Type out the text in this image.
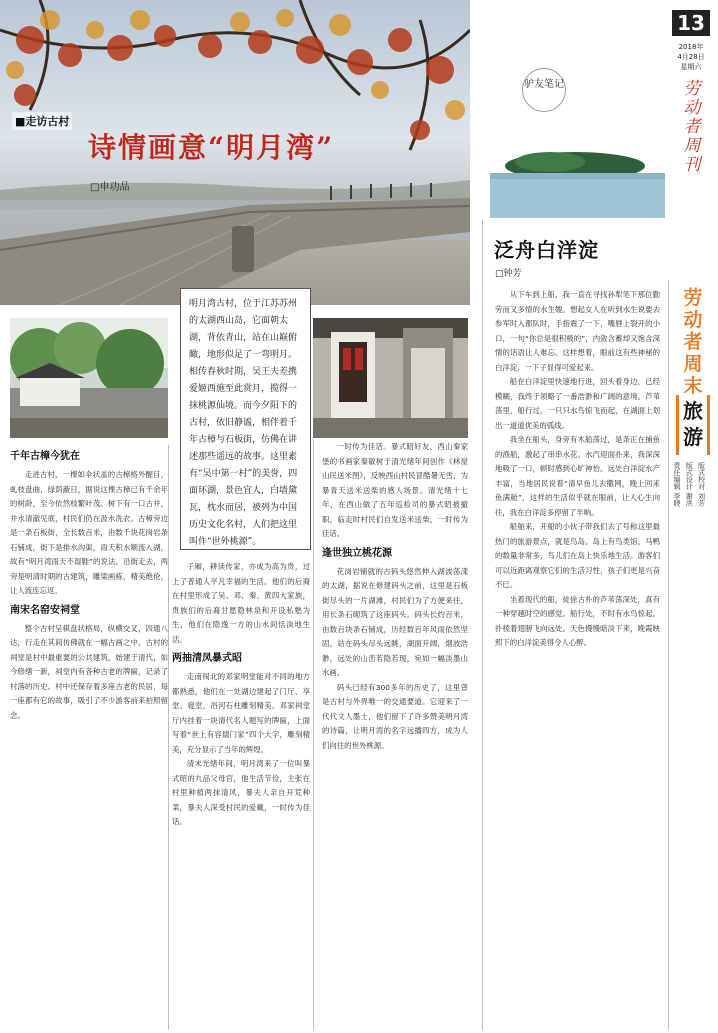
■走访古村
诗情画意“明月湾”
□申功品
13
2018年
4月28日
星期六
劳动者周刊
驴友笔记
泛舟白洋淀
□钟芳
劳动者周末
旅游
责任编辑 李晓 版式设计 谢洪 版式校对 刘芳
明月湾古村，位于江苏苏州的太湖西山岛，它面朝太湖，背依青山，站在山巅俯瞰，地形似足了一弯明月。相传春秋时期，吴王夫差携爱姬西施至此赏月，揽得一抹桃源仙境。而今夕阳下的古村，依旧静谧，相伴着千年古樟与石板街，仿佛在讲述那些遥远的故事。这里素有“吴中第一村”的美誉，四面环湖，景色宜人，白墙黛瓦，枕水而居，被列为中国历史文化名村，人们把这里叫作“世外桃源”。
千年古樟今犹在

走进古村，一棵如伞状盖的古樟格外醒目，虬枝盘曲，绿荫蔽日，据说这棵古樟已有千余年的树龄，至今依然枝繁叶茂。树下有一口古井，井水清澈见底，村民们仍在汲水洗衣。古樟旁边是一条石板街，全长数百米，由数千块花岗岩条石铺成，街下是排水沟渠，雨天积水顺流入湖，故有“明月湾雨天不湿鞋”的说法。沿街走去，两旁是明清时期的古建筑，雕梁画栋，精美绝伦，让人流连忘返。

南宋名窑安祠堂

整个古村呈棋盘状格局，纵横交叉，四通八达，行走在其间仿佛就在一幅古画之中。古村的祠堂是村中最重要的公共建筑，始建于清代，如今修缮一新，祠堂内有各种古老的牌匾，记录了村落的历史。村中还保存着多座古老的民居，每一座都有它的故事，吸引了不少游客前来拍照留念。

子厢，耕读传家，亦成为高为贵，过上了普通人平凡幸福的生活。他们的后裔在村里形成了吴、邓、秦、黄四大家族，贵族们的后裔甘愿隐林泉和开设私塾为生，他们在隐逸一方的山水间恬淡地生活。

两抽清凤暴式昭

走南闯北的邓家明堂能对不同的地方都熟悉，他们在一处湖边建起了门厅、享堂、寝堂，浴河石柱雕刻精美。邓家祠堂厅内挂着一块清代名人题写的牌匾，上面写着“世上有容德门家”四个大字，雕刻精美，充分显示了当年的辉煌。

清末光绪年间，明月湾来了一位叫暴式昭的九品父母官，他生活节俭，主张在村里种植两抹清风，暴夫人亲自开荒种菜，暴夫人深受村民的爱戴，一时传为佳话。

一时传为佳话。暴式昭好友，西山秦家堡的书画家秦敏树于清光绪年间创作《林屋山民送米图》，反映西山村民冒酷暑无雪，为暴青天送米送柴的感人场景。清光绪十七年，在西山做了五年巡检司的暴式昭被撤职，临走时村民们自发送米送柴，一时传为佳话。

逢世独立桃花源

花岗岩铺就的古码头悠然伸入湖波荡漾的太湖，据说在修建码头之前，这里是石板街尽头的一片湖滩，村民们为了方便来往，用长条石砌筑了这座码头。码头长约百米，由数百块条石铺成，历经数百年风雨依然坚固。站在码头尽头远眺，湖面开阔，烟波浩渺，远处的山峦若隐若现，宛如一幅淡墨山水画。

码头已经有300多年的历史了，这里曾是古村与外界唯一的交通要道。它迎来了一代代文人墨士，他们留下了许多赞美明月湾的诗篇，让明月湾的名字远播四方，成为人们向往的世外桃源。

从下车到上船，我一直在寻找孙犁笔下那位勤劳而又多情的水生嫂。想起女人在听到水生说要去参军时入都队时，手指震了一下，嘴唇上裂开的小口，一句“你总是很积极的”，内敛含蓄却又饱含深情的话语让人难忘。这样想着，眼前这有些神秘的白洋淀，一下子显得可爱起来。

船在白洋淀里快速地行进，回头看身边，已经模糊，我终于领略了一番浩渺和广阔的意境。芦苇荡里，船行过，一只只水鸟惊飞而起，在湖面上划出一道道优美的弧线。

我坐在船头，身旁有木船荡过，是条正在捕鱼的渔船，激起了串串水花。水汽迎面扑来，我深深地吸了一口，顿时感到心旷神怡。远处白洋淀水产丰富，当地居民说着“清早鱼儿去撒网，晚上回来鱼满舱”，这样的生活似乎就在眼前，让人心生向往，我在白洋淀多停留了半晌。

船舶来，开船的小伙子带我们去了号称这里最热门的旅游景点，就是鸟岛。岛上有鸟类馆，马鸭的数量非常多，鸟儿们在岛上快乐地生活。游客们可以近距离观察它们的生活习性，孩子们更是兴奋不已。

坐着现代的船，徒徐古朴的芦苇荡深处，真有一种穿越时空的感觉。船行处，不时有水鸟惊起，扑棱着翅膀飞向远处。天色慢慢暗淡下来，晚霞映照下的白洋淀美得令人心醉。
